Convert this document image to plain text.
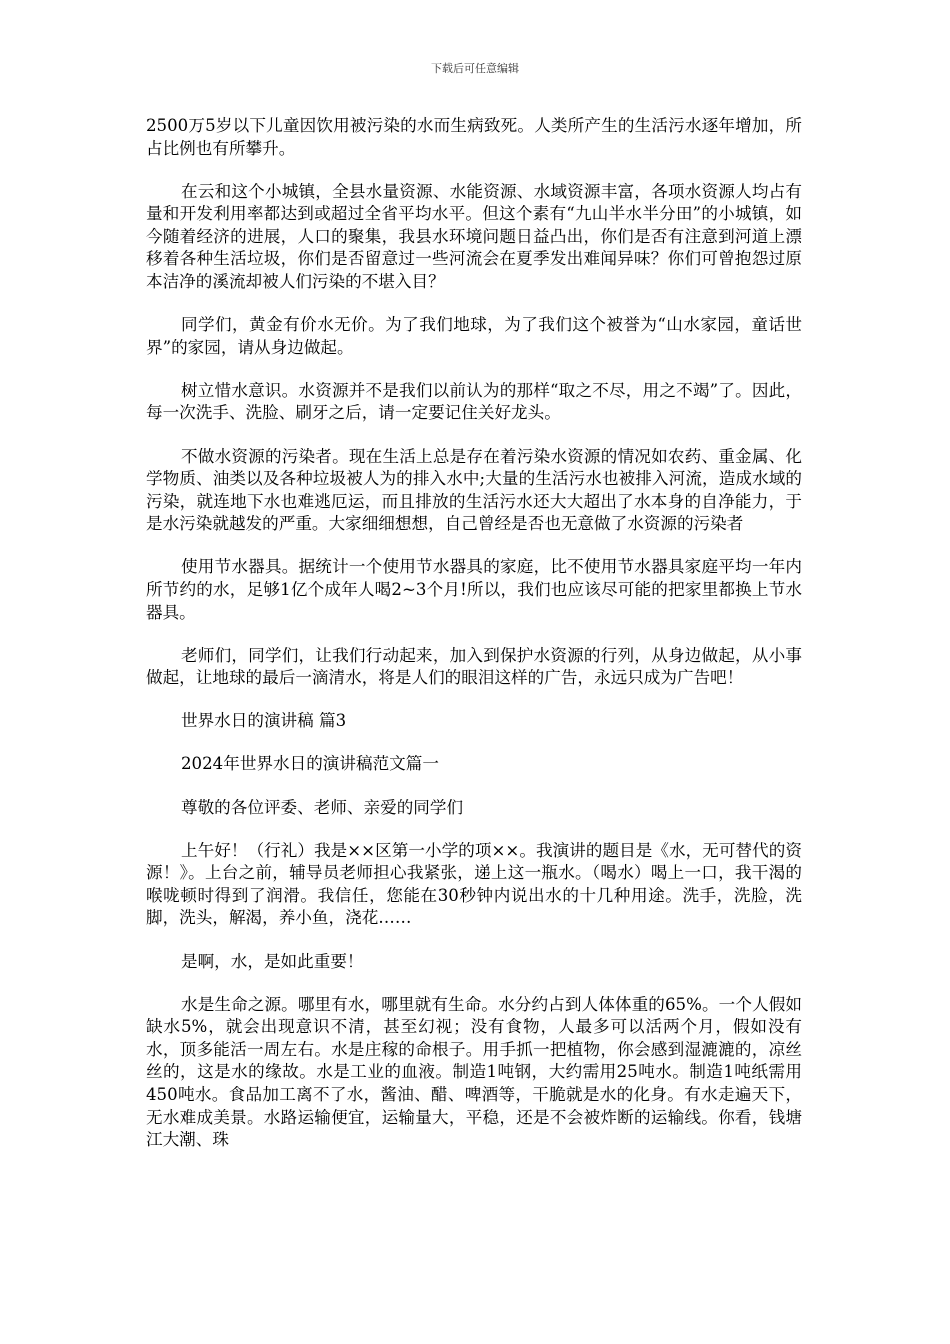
下载后可任意编辑

2500万5岁以下儿童因饮用被污染的水而生病致死。人类所产生的生活污水逐年增加，所占比例也有所攀升。

在云和这个小城镇，全县水量资源、水能资源、水域资源丰富，各项水资源人均占有量和开发利用率都达到或超过全省平均水平。但这个素有“九山半水半分田”的小城镇，如今随着经济的进展，人口的聚集，我县水环境问题日益凸出，你们是否有注意到河道上漂移着各种生活垃圾，你们是否留意过一些河流会在夏季发出难闻异味？你们可曾抱怨过原本洁净的溪流却被人们污染的不堪入目？

同学们，黄金有价水无价。为了我们地球，为了我们这个被誉为“山水家园，童话世界”的家园，请从身边做起。

树立惜水意识。水资源并不是我们以前认为的那样“取之不尽，用之不竭”了。因此，每一次洗手、洗脸、刷牙之后，请一定要记住关好龙头。

不做水资源的污染者。现在生活上总是存在着污染水资源的情况如农药、重金属、化学物质、油类以及各种垃圾被人为的排入水中;大量的生活污水也被排入河流，造成水域的污染，就连地下水也难逃厄运，而且排放的生活污水还大大超出了水本身的自净能力，于是水污染就越发的严重。大家细细想想，自己曾经是否也无意做了水资源的污染者

使用节水器具。据统计一个使用节水器具的家庭，比不使用节水器具家庭平均一年内所节约的水，足够1亿个成年人喝2~3个月!所以，我们也应该尽可能的把家里都换上节水器具。

老师们，同学们，让我们行动起来，加入到保护水资源的行列，从身边做起，从小事做起，让地球的最后一滴清水，将是人们的眼泪这样的广告，永远只成为广告吧！

世界水日的演讲稿 篇3

2024年世界水日的演讲稿范文篇一

尊敬的各位评委、老师、亲爱的同学们

上午好！（行礼）我是××区第一小学的项××。我演讲的题目是《水，无可替代的资源！》。上台之前，辅导员老师担心我紧张，递上这一瓶水。（喝水）喝上一口，我干渴的喉咙顿时得到了润滑。我信任，您能在30秒钟内说出水的十几种用途。洗手，洗脸，洗脚，洗头，解渴，养小鱼，浇花……

是啊，水，是如此重要！

水是生命之源。哪里有水，哪里就有生命。水分约占到人体体重的65%。一个人假如缺水5%，就会出现意识不清，甚至幻视；没有食物，人最多可以活两个月，假如没有水，顶多能活一周左右。水是庄稼的命根子。用手抓一把植物，你会感到湿漉漉的，凉丝丝的，这是水的缘故。水是工业的血液。制造1吨钢，大约需用25吨水。制造1吨纸需用450吨水。食品加工离不了水，酱油、醋、啤酒等，干脆就是水的化身。有水走遍天下，无水难成美景。水路运输便宜，运输量大，平稳，还是不会被炸断的运输线。你看，钱塘江大潮、珠
